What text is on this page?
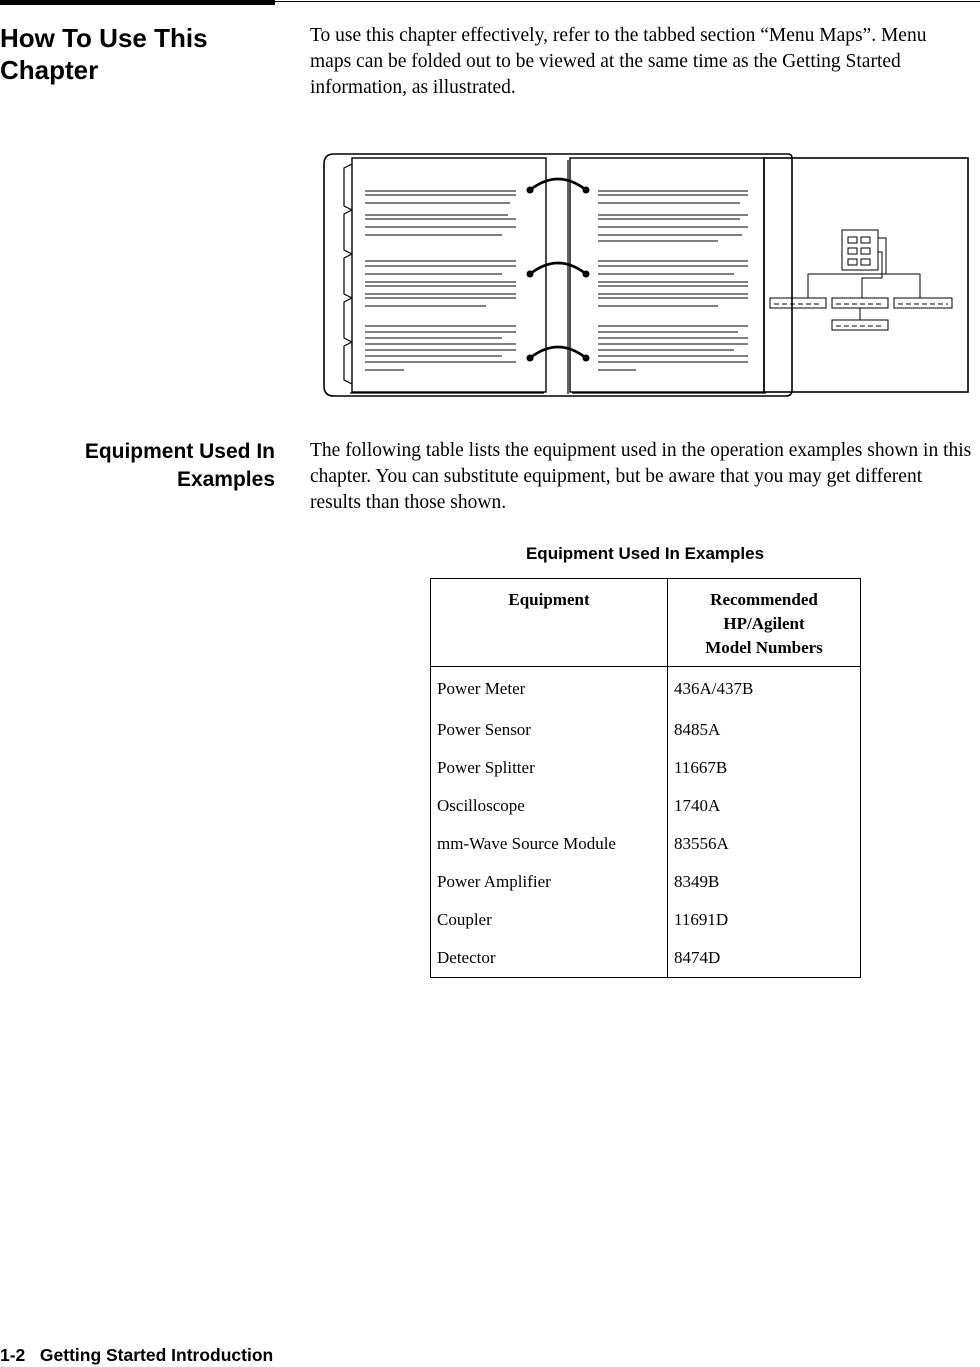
How To Use This
Chapter

To use this chapter effectively, refer to the tabbed section “Menu Maps”. Menu maps can be folded out to be viewed at the same time as the Getting Started information, as illustrated.

Equipment Used In
Examples

The following table lists the equipment used in the operation examples shown in this chapter. You can substitute equipment, but be aware that you may get different results than those shown.

Equipment Used In Examples
Equipment	Recommended
HP/Agilent
Model Numbers

Power Meter	436A/437B
Power Sensor	8485A
Power Splitter	11667B
Oscilloscope	1740A
mm-Wave Source Module	83556A
Power Amplifier	8349B
Coupler	11691D
Detector	8474D
1-2 Getting Started Introduction
